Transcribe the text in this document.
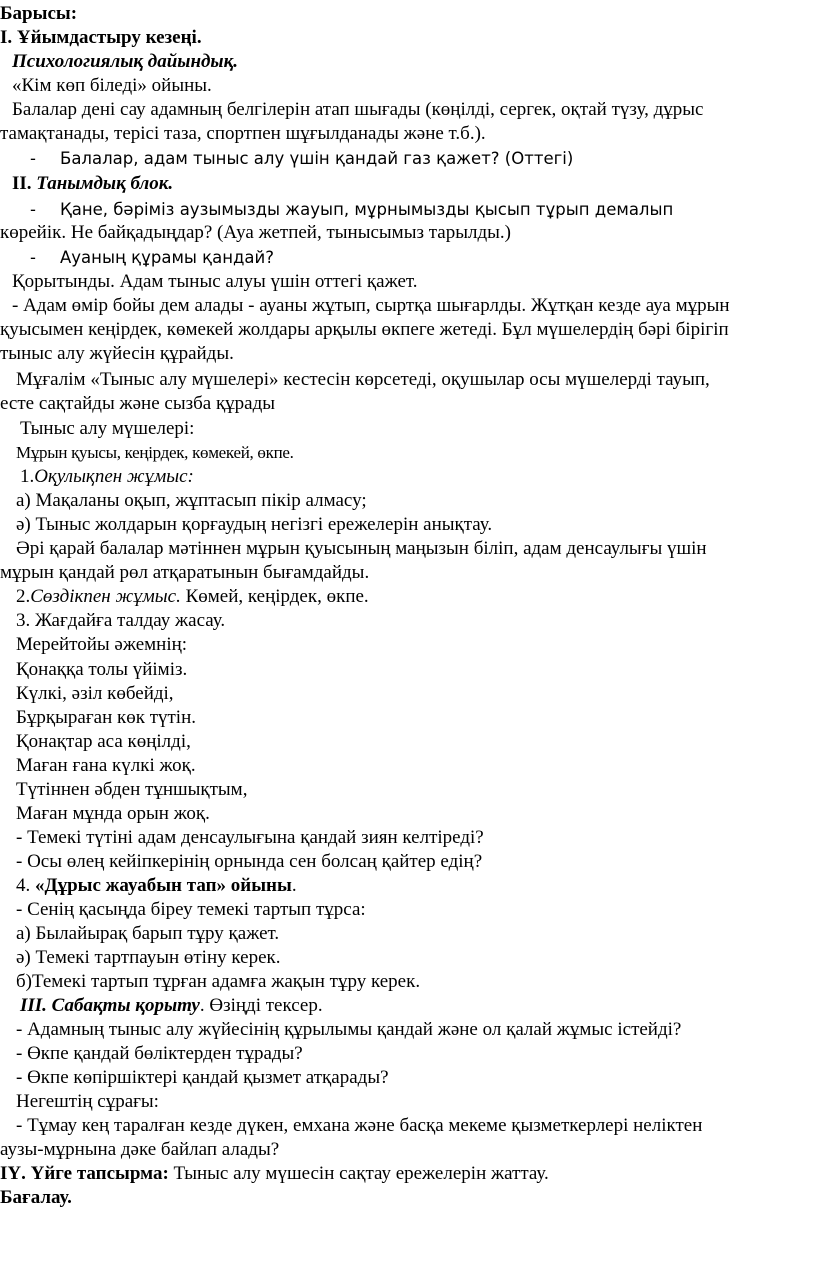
Барысы:
І. Ұйымдастыру кезеңі.
Психологиялық дайындық.
«Кім көп біледі» ойыны.
Балалар дені сау адамның белгілерін атап шығады (көңілді, сергек, оқтай түзу, дұрыс
тамақтанады, терісі таза, спортпен шұғылданады және т.б.).
- Балалар, адам тыныс алу үшін қандай газ қажет? (Оттегі)
ІІ. Танымдық блок.
- Қане, бәріміз аузымызды жауып, мұрнымызды қысып тұрып демалып
көрейік. Не байқадыңдар? (Ауа жетпей, тынысымыз тарылды.)
- Ауаның құрамы қандай?
Қорытынды. Адам тыныс алуы үшін оттегі қажет.
- Адам өмір бойы дем алады - ауаны жұтып, сыртқа шығарлды. Жұтқан кезде ауа мұрын
қуысымен кеңірдек, көмекей жолдары арқылы өкпеге жетеді. Бұл мүшелердің бәрі бірігіп
тыныс алу жүйесін құрайды.
Мұғалім «Тыныс алу мүшелері» кестесін көрсетеді, оқушылар осы мүшелерді тауып,
есте сақтайды және сызба құрады
Тыныс алу мүшелері:
Мұрын қуысы, кеңірдек, көмекей, өкпе.
1.Оқулықпен жұмыс:
а) Мақаланы оқып, жұптасып пікір алмасу;
ә) Тыныс жолдарын қорғаудың негізгі ережелерін анықтау.
Әрі қарай балалар мәтіннен мұрын қуысының маңызын біліп, адам денсаулығы үшін
мұрын қандай рөл атқаратынын бығамдайды.
2.Сөздікпен жұмыс. Көмей, кеңірдек, өкпе.
3. Жағдайға талдау жасау.
Мерейтойы әжемнің:
Қонаққа толы үйіміз.
Күлкі, әзіл көбейді,
Бұрқыраған көк түтін.
Қонақтар аса көңілді,
Маған ғана күлкі жоқ.
Түтіннен әбден тұншықтым,
Маған мұнда орын жоқ.
- Темекі түтіні адам денсаулығына қандай зиян келтіреді?
- Осы өлең кейіпкерінің орнында сен болсаң қайтер едің?
4. «Дұрыс жауабын тап» ойыны.
- Сенің қасыңда біреу темекі тартып тұрса:
а) Былайырақ барып тұру қажет.
ә) Темекі тартпауын өтіну керек.
б)Темекі тартып тұрған адамға жақын тұру керек.
ІІІ. Сабақты қорыту. Өзіңді тексер.
- Адамның тыныс алу жүйесінің құрылымы қандай және ол қалай жұмыс істейді?
- Өкпе қандай бөліктерден тұрады?
- Өкпе көпіршіктері қандай қызмет атқарады?
Негештің сұрағы:
- Тұмау кең таралған кезде дүкен, емхана және басқа мекеме қызметкерлері неліктен
аузы-мұрнына дәке байлап алады?
ІҮ. Үйге тапсырма: Тыныс алу мүшесін сақтау ережелерін жаттау.
Бағалау.
